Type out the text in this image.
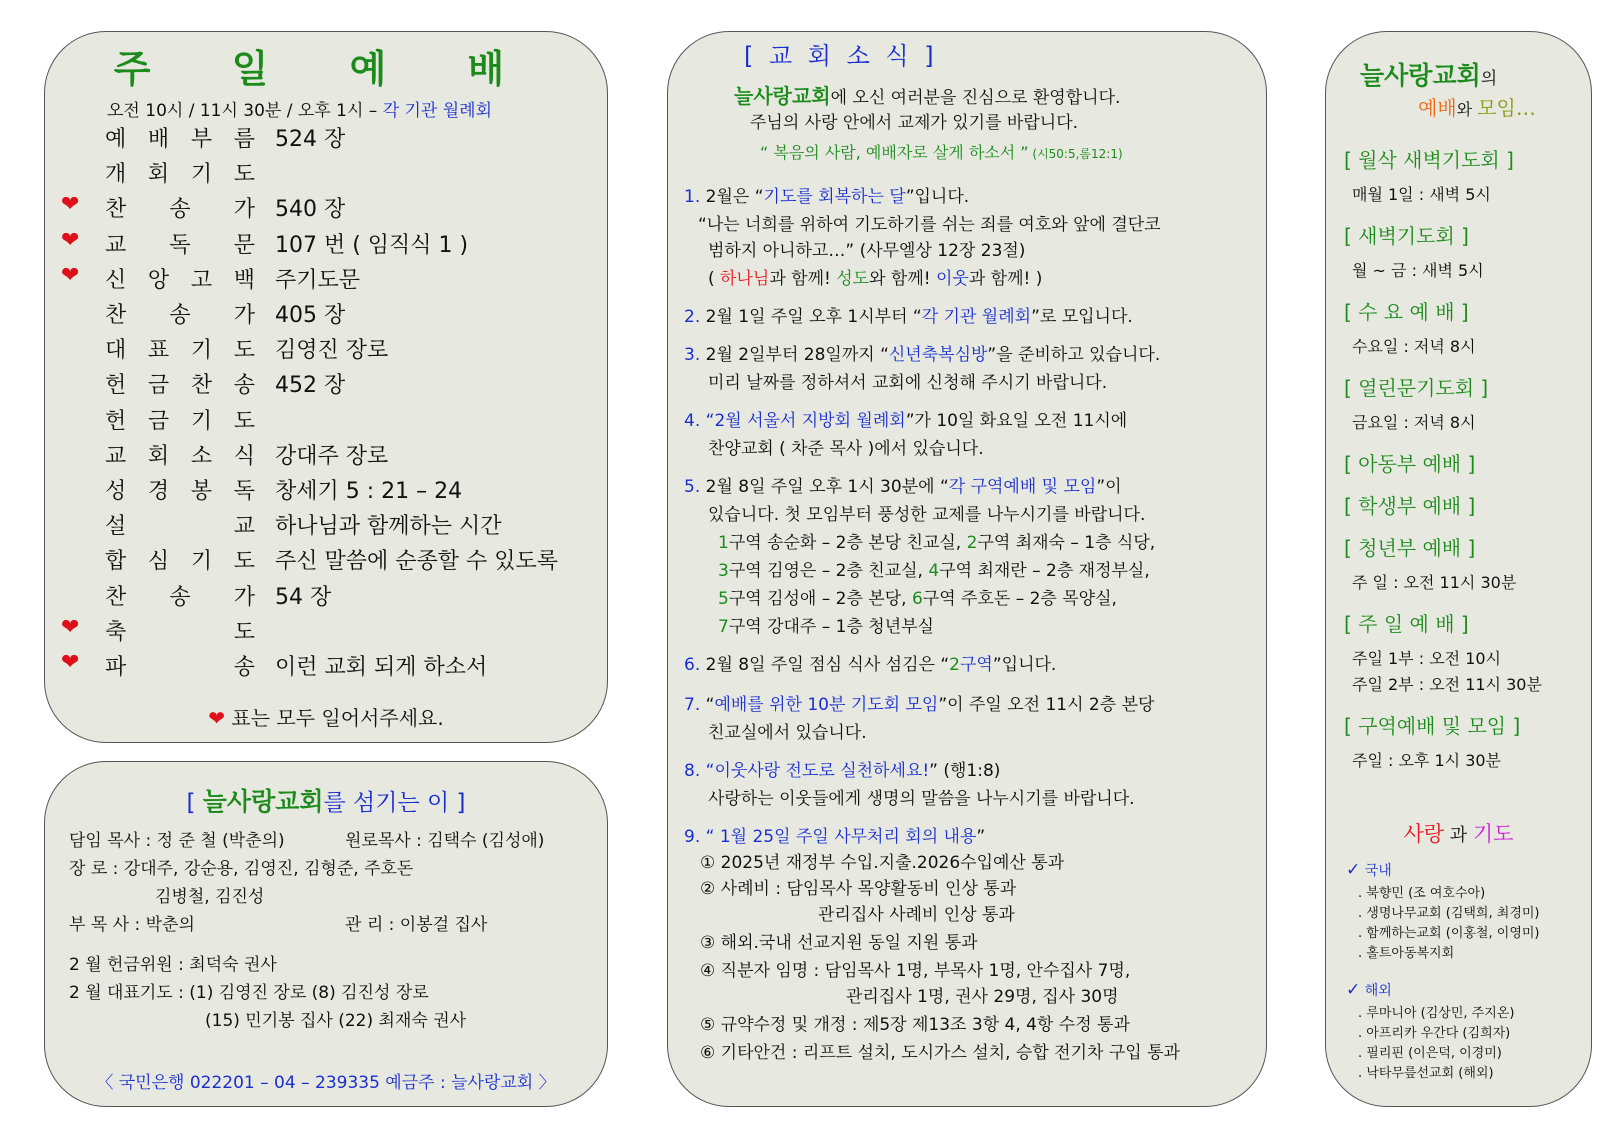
주 일 예 배
오전 10시 / 11시 30분 / 오후 1시 – 각 기관 월례회
예 배 부 름 524 장
개 회 기 도
❤	찬 송 가 540 장
❤	교 독 문 107 번 ( 임직식 1 )
❤	신 앙 고 백 주기도문
찬 송 가 405 장
대 표 기 도 김영진 장로
헌 금 찬 송 452 장
헌 금 기 도
교 회 소 식 강대주 장로
성 경 봉 독 창세기 5 : 21 – 24
설	교 하나님과 함께하는 시간
합 심 기 도 주신 말씀에 순종할 수 있도록
찬 송 가 54 장
❤	축	도
❤	파	송 이런 교회 되게 하소서
❤ 표는 모두 일어서주세요.
[ 늘사랑교회를 섬기는 이 ]
담임 목사 : 정 준 철 (박춘의)	원로목사 : 김택수 (김성애)
장 로 : 강대주, 강순용, 김영진, 김형준, 주호돈
김병철, 김진성
부 목 사 : 박춘의	관 리 : 이봉걸 집사
2 월 헌금위원 : 최덕숙 권사
2 월 대표기도 : (1) 김영진 장로 (8) 김진성 장로
(15) 민기봉 집사 (22) 최재숙 권사
〈 국민은행 022201 – 04 – 239335 예금주 : 늘사랑교회 〉
[ 교 회 소 식 ]
늘사랑교회에 오신 여러분을 진심으로 환영합니다.
주님의 사랑 안에서 교제가 있기를 바랍니다.
“ 복음의 사람, 예배자로 살게 하소서 ” (시50:5,롬12:1)
1. 2월은 “기도를 회복하는 달”입니다.
“나는 너희를 위하여 기도하기를 쉬는 죄를 여호와 앞에 결단코
범하지 아니하고…” (사무엘상 12장 23절)
( 하나님과 함께! 성도와 함께! 이웃과 함께! )
2. 2월 1일 주일 오후 1시부터 “각 기관 월례회”로 모입니다.
3. 2월 2일부터 28일까지 “신년축복심방”을 준비하고 있습니다.
미리 날짜를 정하셔서 교회에 신청해 주시기 바랍니다.
4. “2월 서울서 지방회 월례회”가 10일 화요일 오전 11시에
찬양교회 ( 차준 목사 )에서 있습니다.
5. 2월 8일 주일 오후 1시 30분에 “각 구역예배 및 모임”이
있습니다. 첫 모임부터 풍성한 교제를 나누시기를 바랍니다.
1구역 송순화 – 2층 본당 친교실, 2구역 최재숙 – 1층 식당,
3구역 김영은 – 2층 친교실, 4구역 최재란 – 2층 재정부실,
5구역 김성애 – 2층 본당, 6구역 주호돈 – 2층 목양실,
7구역 강대주 – 1층 청년부실
6. 2월 8일 주일 점심 식사 섬김은 “2구역”입니다.
7. “예배를 위한 10분 기도회 모임”이 주일 오전 11시 2층 본당
친교실에서 있습니다.
8. “이웃사랑 전도로 실천하세요!” (행1:8)
사랑하는 이웃들에게 생명의 말씀을 나누시기를 바랍니다.
9. “ 1월 25일 주일 사무처리 회의 내용”
① 2025년 재정부 수입.지출.2026수입예산 통과
② 사례비 : 담임목사 목양활동비 인상 통과
관리집사 사례비 인상 통과
③ 해외.국내 선교지원 동일 지원 통과
④ 직분자 임명 : 담임목사 1명, 부목사 1명, 안수집사 7명,
관리집사 1명, 권사 29명, 집사 30명
⑤ 규약수정 및 개정 : 제5장 제13조 3항 4, 4항 수정 통과
⑥ 기타안건 : 리프트 설치, 도시가스 설치, 승합 전기차 구입 통과
늘사랑교회의
예배와 모임…
[ 월삭 새벽기도회 ]
매월 1일 : 새벽 5시
[ 새벽기도회 ]
월 ~ 금 : 새벽 5시
[ 수 요 예 배 ]
수요일 : 저녁 8시
[ 열린문기도회 ]
금요일 : 저녁 8시
[ 아동부 예배 ]
[ 학생부 예배 ]
[ 청년부 예배 ]
주 일 : 오전 11시 30분
[ 주 일 예 배 ]
주일 1부 : 오전 10시
주일 2부 : 오전 11시 30분
[ 구역예배 및 모임 ]
주일 : 오후 1시 30분
사랑 과 기도
✓ 국내
. 북향민 (조 여호수아)
. 생명나무교회 (김택희, 최경미)
. 함께하는교회 (이홍철, 이영미)
. 홀트아동복지회
✓ 해외
. 루마니아 (김상민, 주지온)
. 아프리카 우간다 (김희자)
. 필리핀 (이은덕, 이경미)
. 낙타무릎선교회 (해외)
